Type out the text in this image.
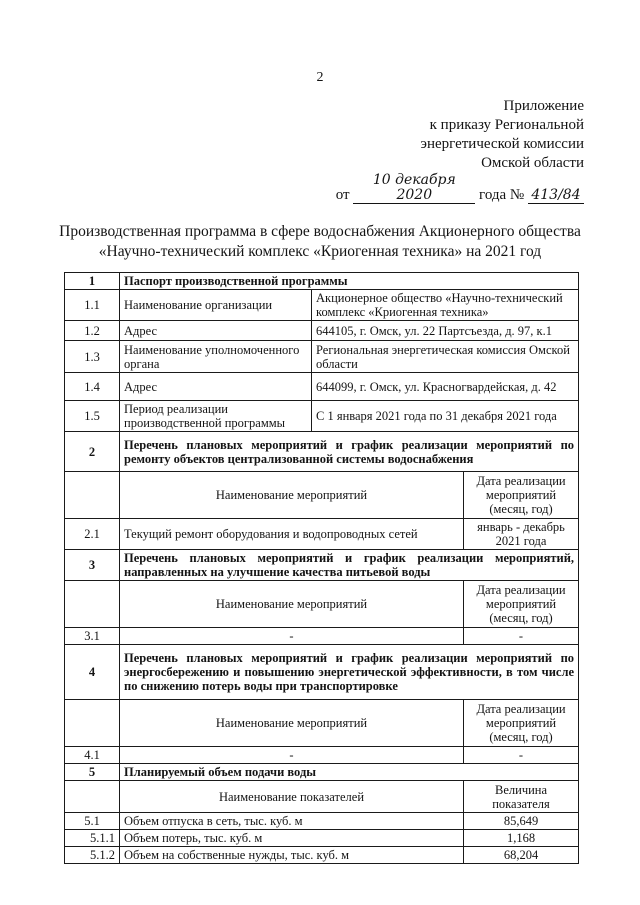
2
Приложение
к приказу Региональной
энергетической комиссии
Омской области
от 10 декабря 2020	года № 413/84
Производственная программа в сфере водоснабжения Акционерного общества
«Научно-технический комплекс «Криогенная техника» на 2021 год
1	Паспорт производственной программы		
1.1	Наименование организации	Акционерное общество «Научно-технический комплекс «Криогенная техника»	
1.2	Адрес	644105, г. Омск, ул. 22 Партсъезда, д. 97, к.1	
1.3	Наименование уполномоченного органа	Региональная энергетическая комиссия Омской области	
1.4	Адрес	644099, г. Омск, ул. Красногвардейская, д. 42	
1.5	Период реализации производственной программы	С 1 января 2021 года по 31 декабря 2021 года	
2	Перечень плановых мероприятий и график реализации мероприятий по ремонту объектов централизованной системы водоснабжения		
	Наименование мероприятий		Дата реализации мероприятий (месяц, год)
2.1	Текущий ремонт оборудования и водопроводных сетей		январь - декабрь 2021 года
3	Перечень плановых мероприятий и график реализации мероприятий, направленных на улучшение качества питьевой воды		
	Наименование мероприятий		Дата реализации мероприятий (месяц, год)
3.1	-		-
4	Перечень плановых мероприятий и график реализации мероприятий по энергосбережению и повышению энергетической эффективности, в том числе по снижению потерь воды при транспортировке		
	Наименование мероприятий		Дата реализации мероприятий (месяц, год)
4.1	-		-
5	Планируемый объем подачи воды		
	Наименование показателей		Величина показателя
5.1	Объем отпуска в сеть, тыс. куб. м		85,649
5.1.1	Объем потерь, тыс. куб. м		1,168
5.1.2	Объем на собственные нужды, тыс. куб. м		68,204
